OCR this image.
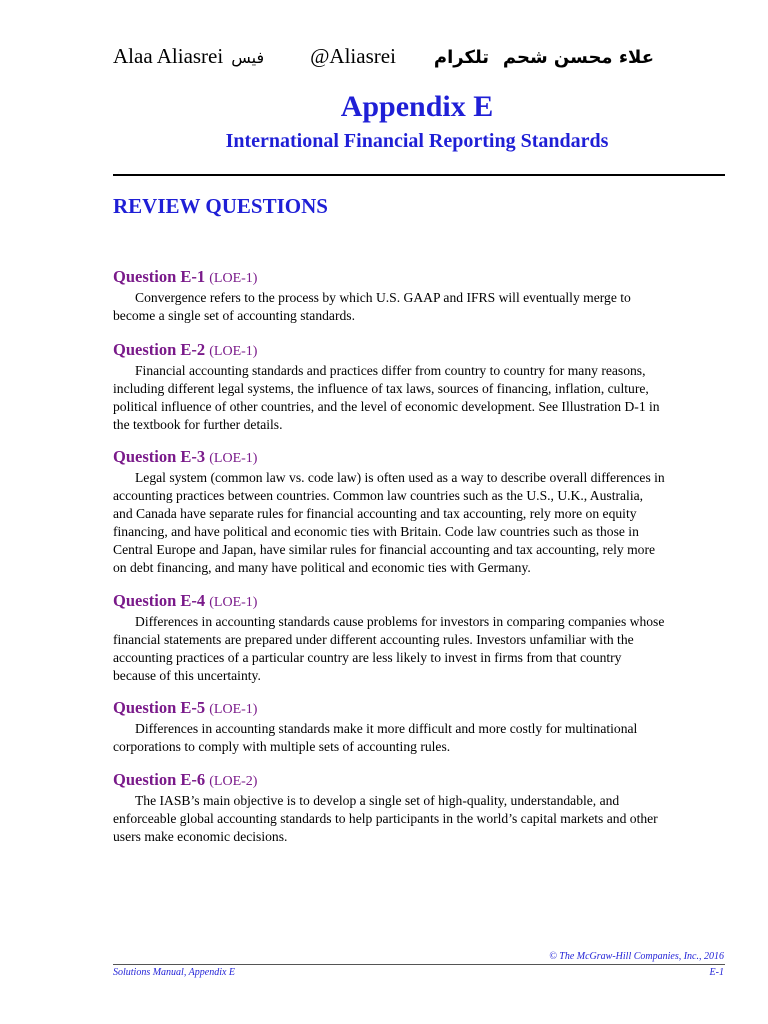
Alaa Aliasrei فيس @Aliasrei تلكرام علاء محسن شحم
Appendix E
International Financial Reporting Standards
REVIEW QUESTIONS
Question E-1 (LOE-1)

Convergence refers to the process by which U.S. GAAP and IFRS will eventually merge to
become a single set of accounting standards.

Question E-2 (LOE-1)

Financial accounting standards and practices differ from country to country for many reasons,
including different legal systems, the influence of tax laws, sources of financing, inflation, culture,
political influence of other countries, and the level of economic development. See Illustration D-1 in
the textbook for further details.

Question E-3 (LOE-1)

Legal system (common law vs. code law) is often used as a way to describe overall differences in
accounting practices between countries. Common law countries such as the U.S., U.K., Australia,
and Canada have separate rules for financial accounting and tax accounting, rely more on equity
financing, and have political and economic ties with Britain. Code law countries such as those in
Central Europe and Japan, have similar rules for financial accounting and tax accounting, rely more
on debt financing, and many have political and economic ties with Germany.

Question E-4 (LOE-1)

Differences in accounting standards cause problems for investors in comparing companies whose
financial statements are prepared under different accounting rules. Investors unfamiliar with the
accounting practices of a particular country are less likely to invest in firms from that country
because of this uncertainty.

Question E-5 (LOE-1)

Differences in accounting standards make it more difficult and more costly for multinational
corporations to comply with multiple sets of accounting rules.

Question E-6 (LOE-2)

The IASB’s main objective is to develop a single set of high-quality, understandable, and
enforceable global accounting standards to help participants in the world’s capital markets and other
users make economic decisions.

© The McGraw-Hill Companies, Inc., 2016
Solutions Manual, Appendix E	E-1
